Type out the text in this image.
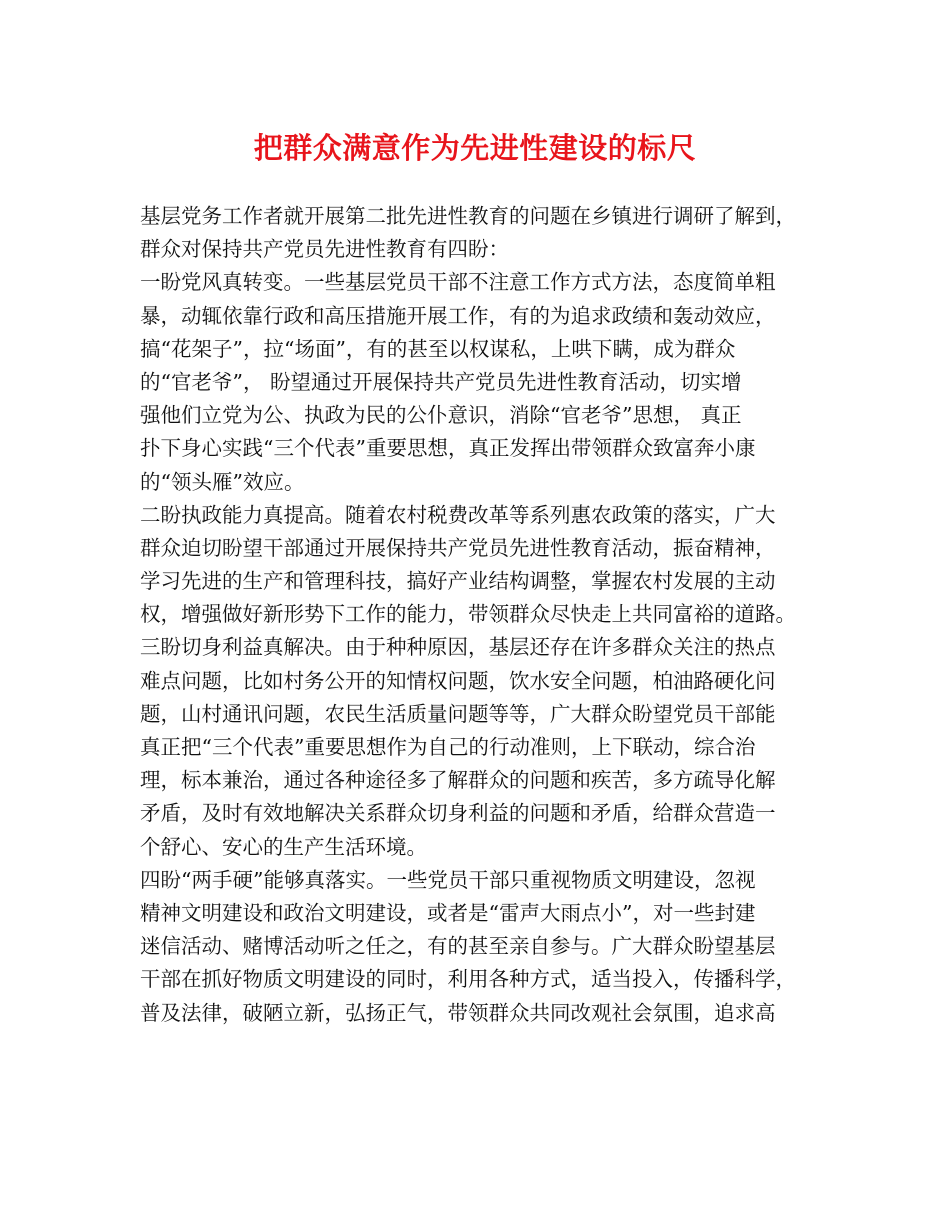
把群众满意作为先进性建设的标尺
基层党务工作者就开展第二批先进性教育的问题在乡镇进行调研了解到，
群众对保持共产党员先进性教育有四盼：
一盼党风真转变。一些基层党员干部不注意工作方式方法，态度简单粗
暴，动辄依靠行政和高压措施开展工作，有的为追求政绩和轰动效应，
搞“花架子”，拉“场面”，有的甚至以权谋私，上哄下瞒，成为群众
的“官老爷”， 盼望通过开展保持共产党员先进性教育活动，切实增
强他们立党为公、执政为民的公仆意识，消除“官老爷”思想， 真正
扑下身心实践“三个代表”重要思想，真正发挥出带领群众致富奔小康
的“领头雁”效应。
二盼执政能力真提高。随着农村税费改革等系列惠农政策的落实，广大
群众迫切盼望干部通过开展保持共产党员先进性教育活动，振奋精神，
学习先进的生产和管理科技，搞好产业结构调整，掌握农村发展的主动
权，增强做好新形势下工作的能力，带领群众尽快走上共同富裕的道路。
三盼切身利益真解决。由于种种原因，基层还存在许多群众关注的热点
难点问题，比如村务公开的知情权问题，饮水安全问题，柏油路硬化问
题，山村通讯问题，农民生活质量问题等等，广大群众盼望党员干部能
真正把“三个代表”重要思想作为自己的行动准则，上下联动，综合治
理，标本兼治，通过各种途径多了解群众的问题和疾苦，多方疏导化解
矛盾，及时有效地解决关系群众切身利益的问题和矛盾，给群众营造一
个舒心、安心的生产生活环境。
四盼“两手硬”能够真落实。一些党员干部只重视物质文明建设，忽视
精神文明建设和政治文明建设，或者是“雷声大雨点小”，对一些封建
迷信活动、赌博活动听之任之，有的甚至亲自参与。广大群众盼望基层
干部在抓好物质文明建设的同时，利用各种方式，适当投入，传播科学，
普及法律，破陋立新，弘扬正气，带领群众共同改观社会氛围，追求高
